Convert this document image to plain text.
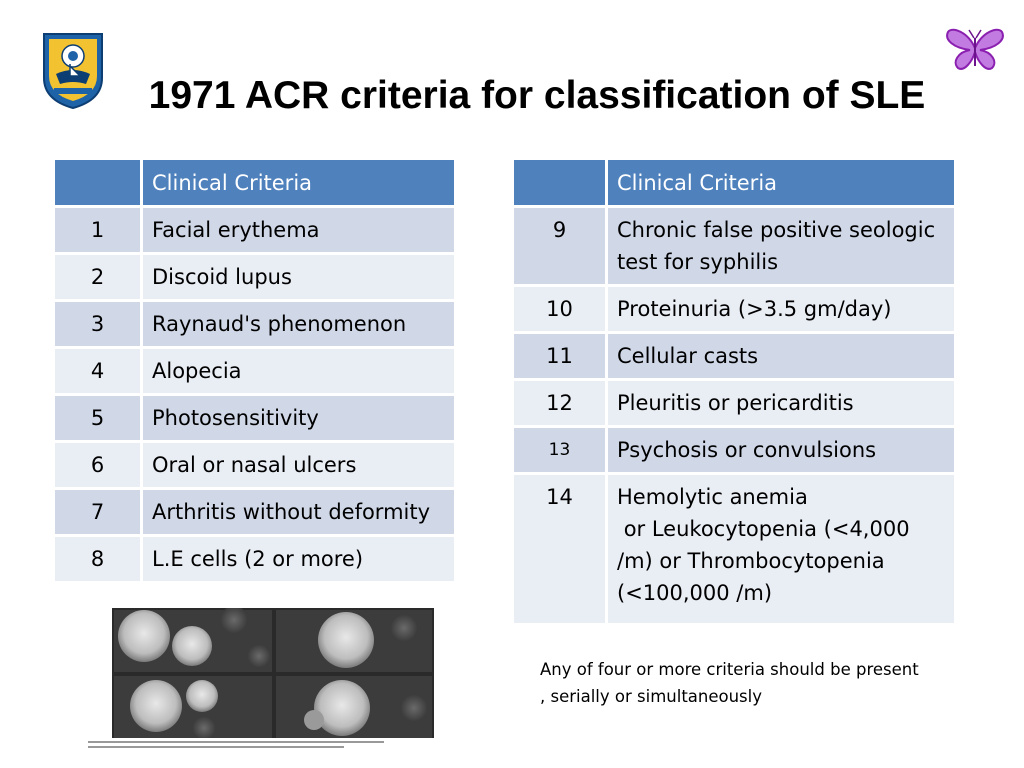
1971 ACR criteria for classification of SLE
	Clinical Criteria
1	Facial erythema
2	Discoid lupus
3	Raynaud's phenomenon
4	Alopecia
5	Photosensitivity
6	Oral or nasal ulcers
7	Arthritis without deformity
8	L.E cells (2 or more)
	Clinical Criteria
9	Chronic false positive seologic test for syphilis
10	Proteinuria (>3.5 gm/day)
11	Cellular casts
12	Pleuritis or pericarditis
13	Psychosis or convulsions
14	Hemolytic anemia
or Leukocytopenia (<4,000 /m) or Thrombocytopenia (<100,000 /m)
Any of four or more criteria should be present , serially or simultaneously
